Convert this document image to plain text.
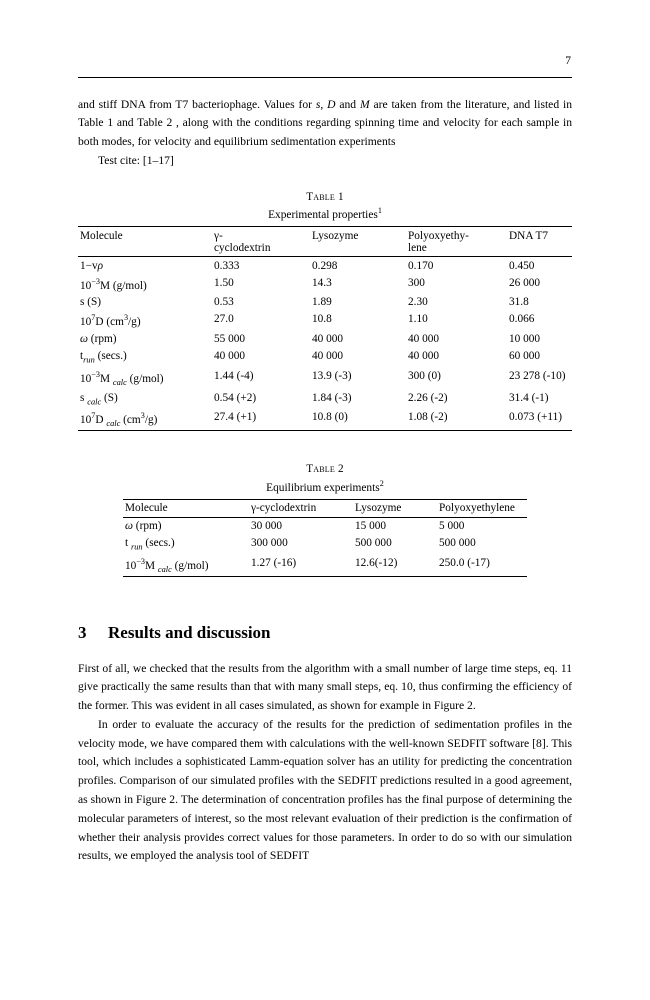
7

and stiff DNA from T7 bacteriophage. Values for s, D and M are taken from the literature, and listed in Table 1 and Table 2 , along with the conditions regarding spinning time and velocity for each sample in both modes, for velocity and equilibrium sedimentation experiments

Test cite: [1–17]

Table 1
Experimental properties$^1$
Molecule	γ-	Lysozyme	Polyoxyethy-	DNA T7
	cyclodextrin		lene	
1−vρ	0.333	0.298	0.170	0.450
$10^{-3}M$ (g/mol)	1.50	14.3	300	26 000
s (S)	0.53	1.89	2.30	31.8
$10^7D$ $(cm^3/g)$	27.0	10.8	1.10	0.066
ω (rpm)	55 000	40 000	40 000	10 000
$t_{run}$ (secs.)	40 000	40 000	40 000	60 000
$10^{-3}M$ $_{calc}$ (g/mol)	1.44 (-4)	13.9 (-3)	300 (0)	23 278 (-10)
s $_{calc}$ (S)	0.54 (+2)	1.84 (-3)	2.26 (-2)	31.4 (-1)
$10^7D$ $_{calc}$ $(cm^3/g)$	27.4 (+1)	10.8 (0)	1.08 (-2)	0.073 (+11)
Table 2
Equilibrium experiments$^2$
Molecule	γ-cyclodextrin	Lysozyme	Polyoxyethylene
ω (rpm)	30 000	15 000	5 000
t $_{run}$ (secs.)	300 000	500 000	500 000
$10^{-3}M$ $_{calc}$ (g/mol)	1.27 (-16)	12.6(-12)	250.0 (-17)
3 Results and discussion

First of all, we checked that the results from the algorithm with a small number of large time steps, eq. 11 give practically the same results than that with many small steps, eq. 10, thus confirming the efficiency of the former. This was evident in all cases simulated, as shown for example in Figure 2.

In order to evaluate the accuracy of the results for the prediction of sedimentation profiles in the velocity mode, we have compared them with calculations with the well-known SEDFIT software [8]. This tool, which includes a sophisticated Lamm-equation solver has an utility for predicting the concentration profiles. Comparison of our simulated profiles with the SEDFIT predictions resulted in a good agreement, as shown in Figure 2. The determination of concentration profiles has the final purpose of determining the molecular parameters of interest, so the most relevant evaluation of their prediction is the confirmation of whether their analysis provides correct values for those parameters. In order to do so with our simulation results, we employed the analysis tool of SEDFIT
